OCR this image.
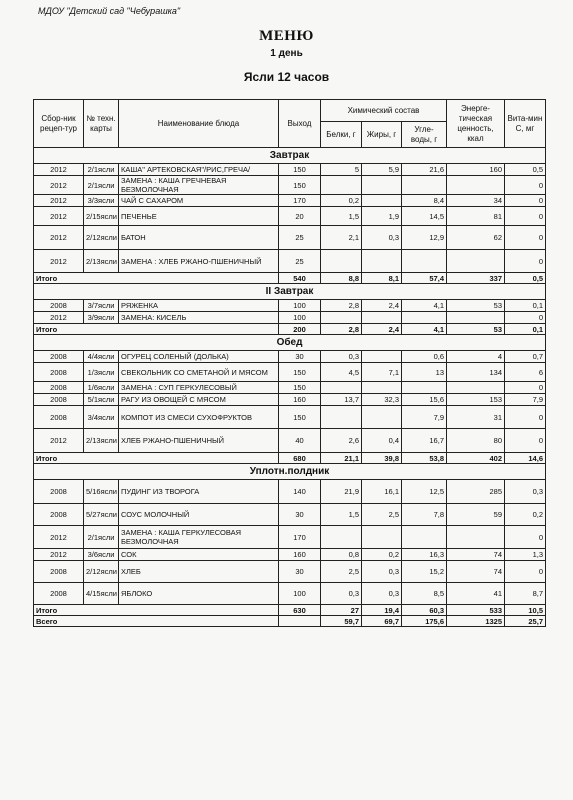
МДОУ "Детский сад "Чебурашка"
МЕНЮ
1 день
Ясли 12 часов
Сбор-ник рецеп-тур	№ техн. карты	Наименование блюда	Выход	Химический состав			Энерге-тическая ценность, ккал	Вита-мин С, мг
				Белки, г	Жиры, г	Угле-воды, г		
Завтрак								
2012	2/1ясли	КАША" АРТЕКОВСКАЯ"/РИС,ГРЕЧА/	150	5	5,9	21,6	160	0,5
2012	2/1ясли	ЗАМЕНА : КАША ГРЕЧНЕВАЯ БЕЗМОЛОЧНАЯ	150					0
2012	3/3ясли	ЧАЙ С САХАРОМ	170	0,2		8,4	34	0
2012	2/15ясли	ПЕЧЕНЬЕ	20	1,5	1,9	14,5	81	0
2012	2/12ясли	БАТОН	25	2,1	0,3	12,9	62	0
2012	2/13ясли	ЗАМЕНА : ХЛЕБ РЖАНО-ПШЕНИЧНЫЙ	25					0
Итого			540	8,8	8,1	57,4	337	0,5
II Завтрак								
2008	3/7ясли	РЯЖЕНКА	100	2,8	2,4	4,1	53	0,1
2012	3/9ясли	ЗАМЕНА: КИСЕЛЬ	100					0
Итого			200	2,8	2,4	4,1	53	0,1
Обед								
2008	4/4ясли	ОГУРЕЦ СОЛЕНЫЙ (ДОЛЬКА)	30	0,3		0,6	4	0,7
2008	1/3ясли	СВЕКОЛЬНИК СО СМЕТАНОЙ И МЯСОМ	150	4,5	7,1	13	134	6
2008	1/6ясли	ЗАМЕНА : СУП ГЕРКУЛЕСОВЫЙ	150					0
2008	5/1ясли	РАГУ ИЗ ОВОЩЕЙ С МЯСОМ	160	13,7	32,3	15,6	153	7,9
2008	3/4ясли	КОМПОТ ИЗ СМЕСИ СУХОФРУКТОВ	150			7,9	31	0
2012	2/13ясли	ХЛЕБ РЖАНО-ПШЕНИЧНЫЙ	40	2,6	0,4	16,7	80	0
Итого			680	21,1	39,8	53,8	402	14,6
Уплотн.полдник								
2008	5/16ясли	ПУДИНГ ИЗ ТВОРОГА	140	21,9	16,1	12,5	285	0,3
2008	5/27ясли	СОУС МОЛОЧНЫЙ	30	1,5	2,5	7,8	59	0,2
2012	2/1ясли	ЗАМЕНА : КАША ГЕРКУЛЕСОВАЯ БЕЗМОЛОЧНАЯ	170					0
2012	3/6ясли	СОК	160	0,8	0,2	16,3	74	1,3
2008	2/12ясли	ХЛЕБ	30	2,5	0,3	15,2	74	0
2008	4/15ясли	ЯБЛОКО	100	0,3	0,3	8,5	41	8,7
Итого			630	27	19,4	60,3	533	10,5
Всего				59,7	69,7	175,6	1325	25,7
